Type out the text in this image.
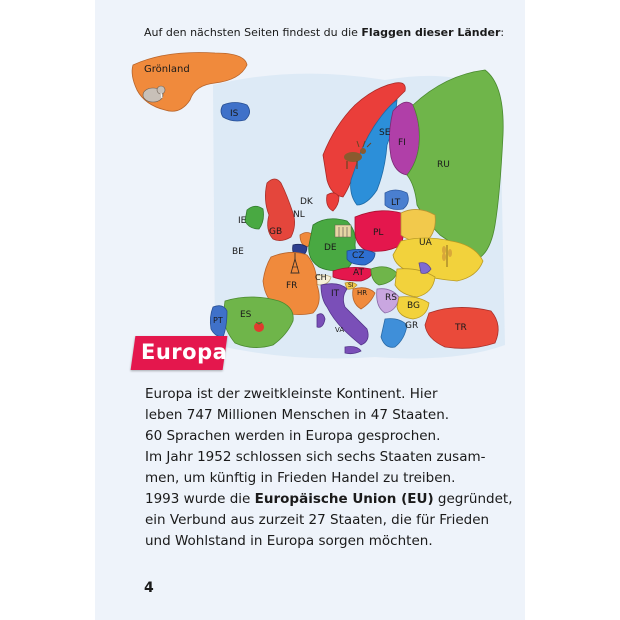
Auf den nächsten Seiten findest du die Flaggen dieser Länder:
Grönland
IS
SE
FI
RU
DK	LT
IE
GB
NL
BE	DE
PL
CZ
UA
AT
CH
FR	SI
HR
IT	RS
BG
PT
ES
GR	TR
VA
Europa

Europa ist der zweitkleinste Kontinent. Hier

leben 747 Millionen Menschen in 47 Staaten.

60 Sprachen werden in Europa gesprochen.

Im Jahr 1952 schlossen sich sechs Staaten zusam-

men, um künftig in Frieden Handel zu treiben.

1993 wurde die Europäische Union (EU) gegründet,

ein Verbund aus zurzeit 27 Staaten, die für Frieden

und Wohlstand in Europa sorgen möchten.

4
